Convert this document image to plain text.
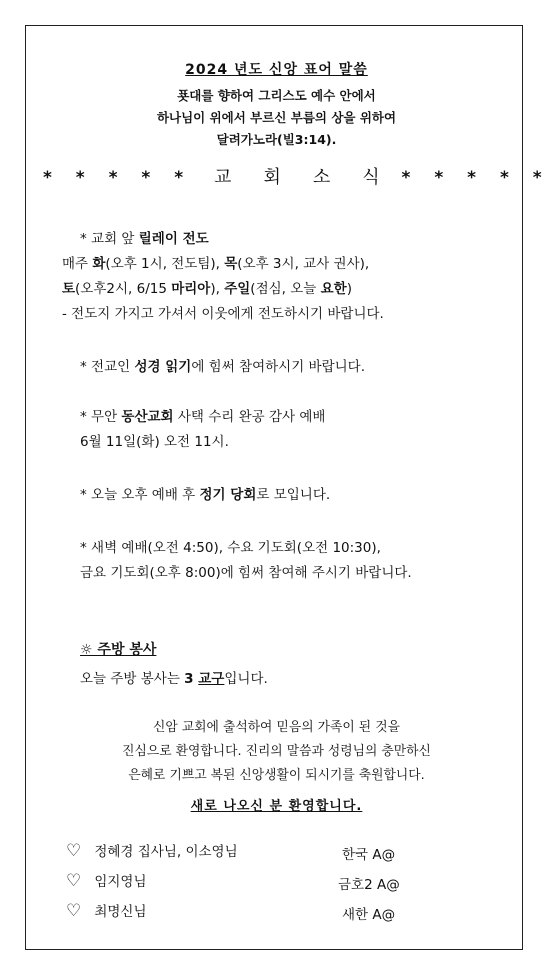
2024 년도 신앙 표어 말씀
푯대를 향하여 그리스도 예수 안에서
하나님이 위에서 부르신 부름의 상을 위하여
달려가노라(빌3:14).
* * * * * 교 회 소 식 * * * * *
* 교회 앞 릴레이 전도
매주 화(오후 1시, 전도팀), 목(오후 3시, 교사 권사),
토(오후2시, 6/15 마리아), 주일(점심, 오늘 요한)
- 전도지 가지고 가셔서 이웃에게 전도하시기 바랍니다.
* 전교인 성경 읽기에 힘써 참여하시기 바랍니다.
* 무안 동산교회 사택 수리 완공 감사 예배
6월 11일(화) 오전 11시.
* 오늘 오후 예배 후 정기 당회로 모입니다.
* 새벽 예배(오전 4:50), 수요 기도회(오전 10:30),
금요 기도회(오후 8:00)에 힘써 참여해 주시기 바랍니다.
☼ 주방 봉사
오늘 주방 봉사는 3 교구입니다.
신암 교회에 출석하여 믿음의 가족이 된 것을
진심으로 환영합니다. 진리의 말씀과 성령님의 충만하신
은혜로 기쁘고 복된 신앙생활이 되시기를 축원합니다.
새로 나오신 분 환영합니다.
♡ 정혜경 집사님, 이소영님	한국 A@
♡ 임지영님	금호2 A@
♡ 최명신님	새한 A@
